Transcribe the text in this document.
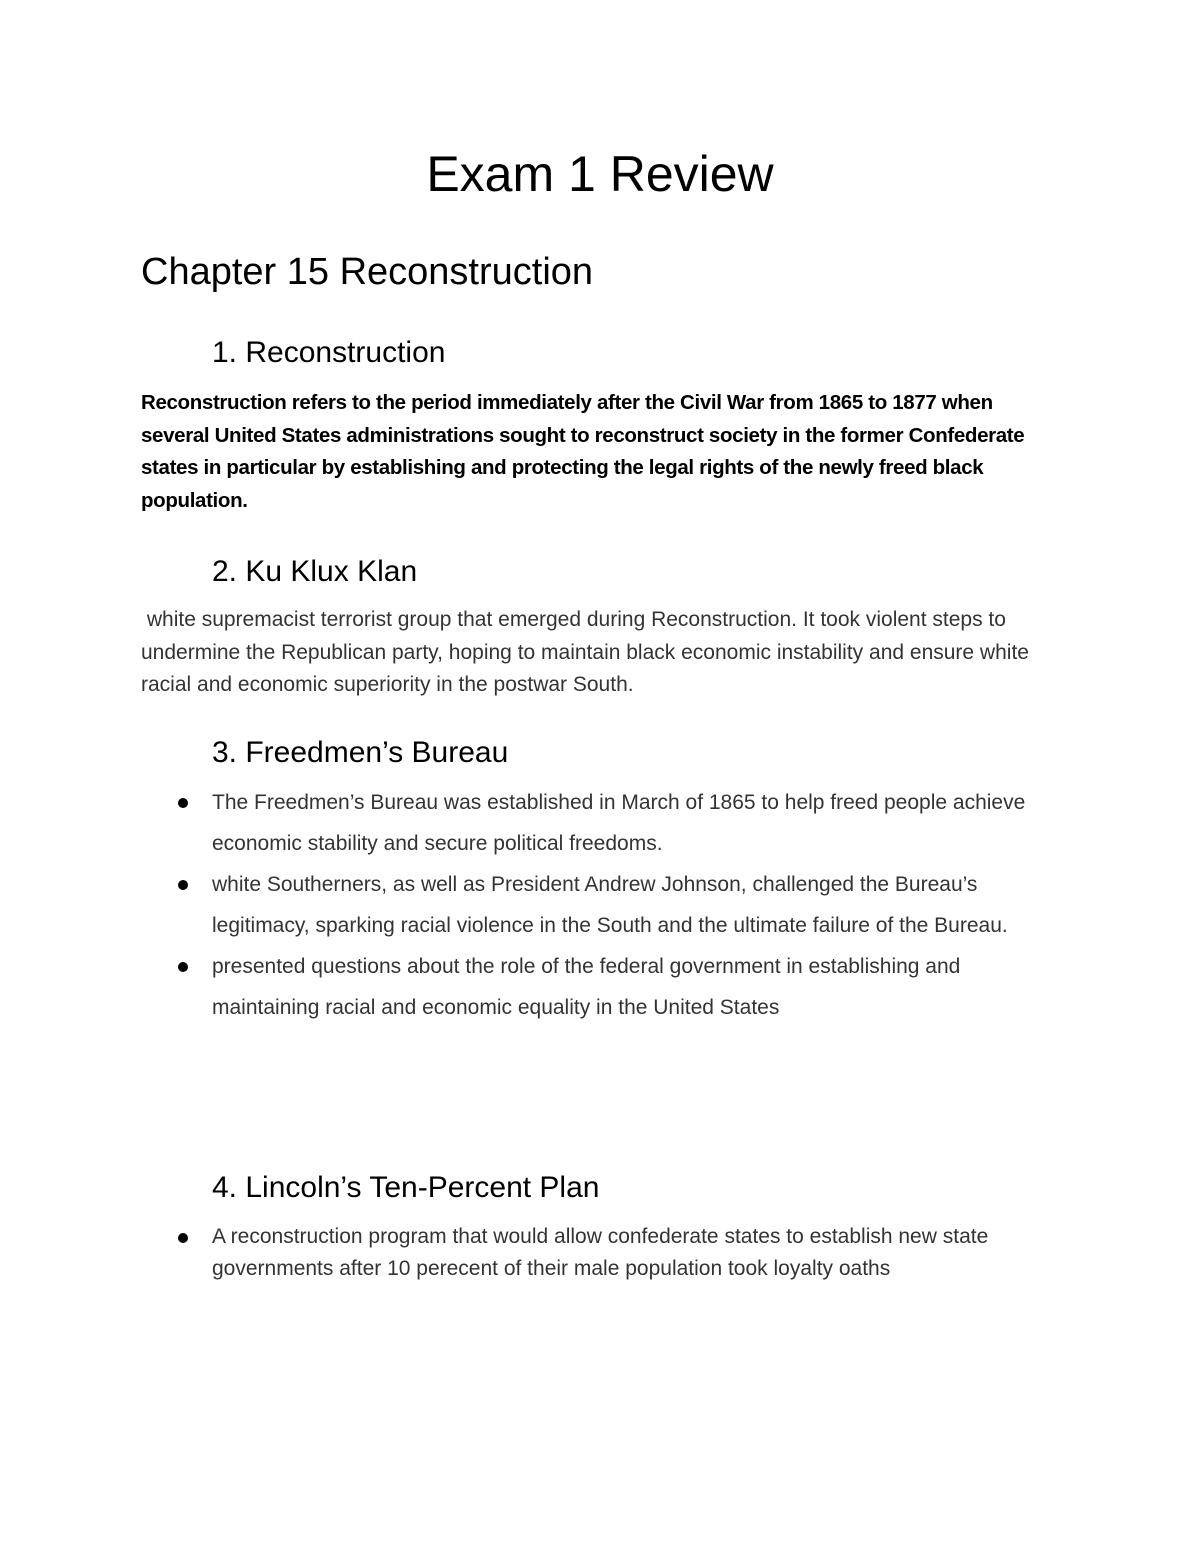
Exam 1 Review
Chapter 15 Reconstruction
1. Reconstruction

Reconstruction refers to the period immediately after the Civil War from 1865 to 1877 when several United States administrations sought to reconstruct society in the former Confederate states in particular by establishing and protecting the legal rights of the newly freed black population.

2. Ku Klux Klan

white supremacist terrorist group that emerged during Reconstruction. It took violent steps to undermine the Republican party, hoping to maintain black economic instability and ensure white racial and economic superiority in the postwar South.

3. Freedmen’s Bureau
The Freedmen’s Bureau was established in March of 1865 to help freed people achieve economic stability and secure political freedoms.
white Southerners, as well as President Andrew Johnson, challenged the Bureau’s legitimacy, sparking racial violence in the South and the ultimate failure of the Bureau.
presented questions about the role of the federal government in establishing and maintaining racial and economic equality in the United States
4. Lincoln’s Ten-Percent Plan
A reconstruction program that would allow confederate states to establish new state governments after 10 perecent of their male population took loyalty oaths
